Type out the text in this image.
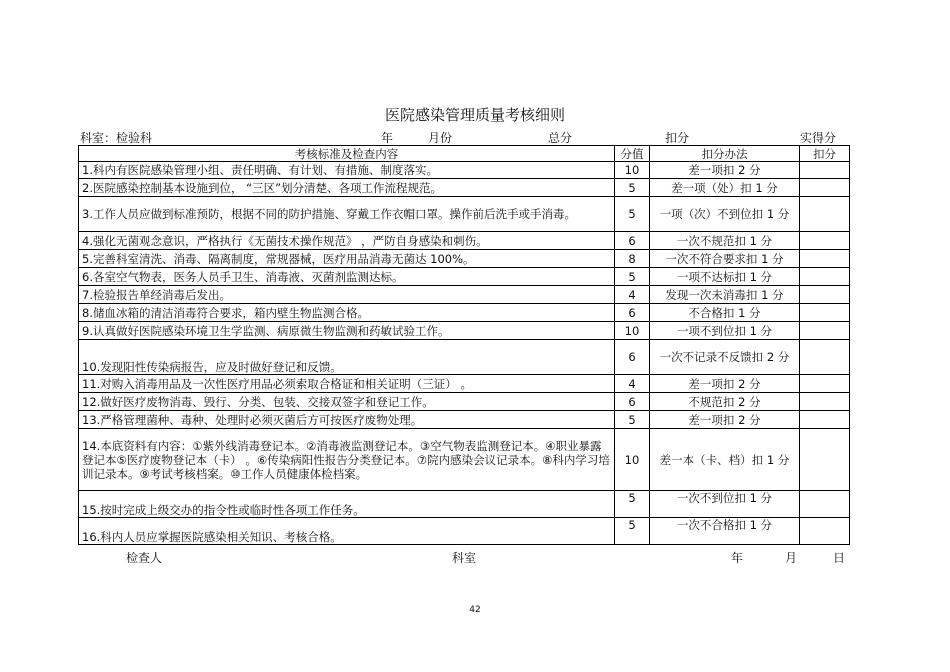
医院感染管理质量考核细则
科室：检验科	年	月份	总分	扣分	实得分
考核标准及检查内容	分值	扣分办法	扣分
1.科内有医院感染管理小组、责任明确、有计划、有措施、制度落实。	10	差一项扣 2 分	
2.医院感染控制基本设施到位， “三区”划分清楚、各项工作流程规范。	5	差一项（处）扣 1 分	
3.工作人员应做到标准预防，根据不同的防护措施、穿戴工作衣帽口罩。操作前后洗手或手消毒。	5	一项（次）不到位扣 1 分	
4.强化无菌观念意识，严格执行《无菌技术操作规范》 ，严防自身感染和刺伤。	6	一次不规范扣 1 分	
5.完善科室清洗、消毒、隔离制度，常规器械，医疗用品消毒无菌达 100%。	8	一次不符合要求扣 1 分	
6.各室空气物表，医务人员手卫生、消毒液、灭菌剂监测达标。	5	一项不达标扣 1 分	
7.检验报告单经消毒后发出。	4	发现一次未消毒扣 1 分	
8.储血冰箱的清洁消毒符合要求，箱内壁生物监测合格。	6	不合格扣 1 分	
9.认真做好医院感染环境卫生学监测、病原微生物监测和药敏试验工作。	10	一项不到位扣 1 分	
10.发现阳性传染病报告，应及时做好登记和反馈。	6	一次不记录不反馈扣 2 分	
11.对购入消毒用品及一次性医疗用品必须索取合格证和相关证明（三证） 。	4	差一项扣 2 分	
12.做好医疗废物消毒、毁行、分类、包装、交接双签字和登记工作。	6	不规范扣 2 分	
13.严格管理菌种、毒种、处理时必须灭菌后方可按医疗废物处理。	5	差一项扣 2 分	
14.本底资料有内容：①紫外线消毒登记本。②消毒液监测登记本。③空气物表监测登记本。④职业暴露登记本⑤医疗废物登记本（卡） 。⑥传染病阳性报告分类登记本。⑦院内感染会议记录本。⑧科内学习培训记录本。⑨考试考核档案。⑩工作人员健康体检档案。	10	差一本（卡、档）扣 1 分	
15.按时完成上级交办的指令性或临时性各项工作任务。	5	一次不到位扣 1 分	
16.科内人员应掌握医院感染相关知识、考核合格。	5	一次不合格扣 1 分	
检查人	科室	年	月	日
42
